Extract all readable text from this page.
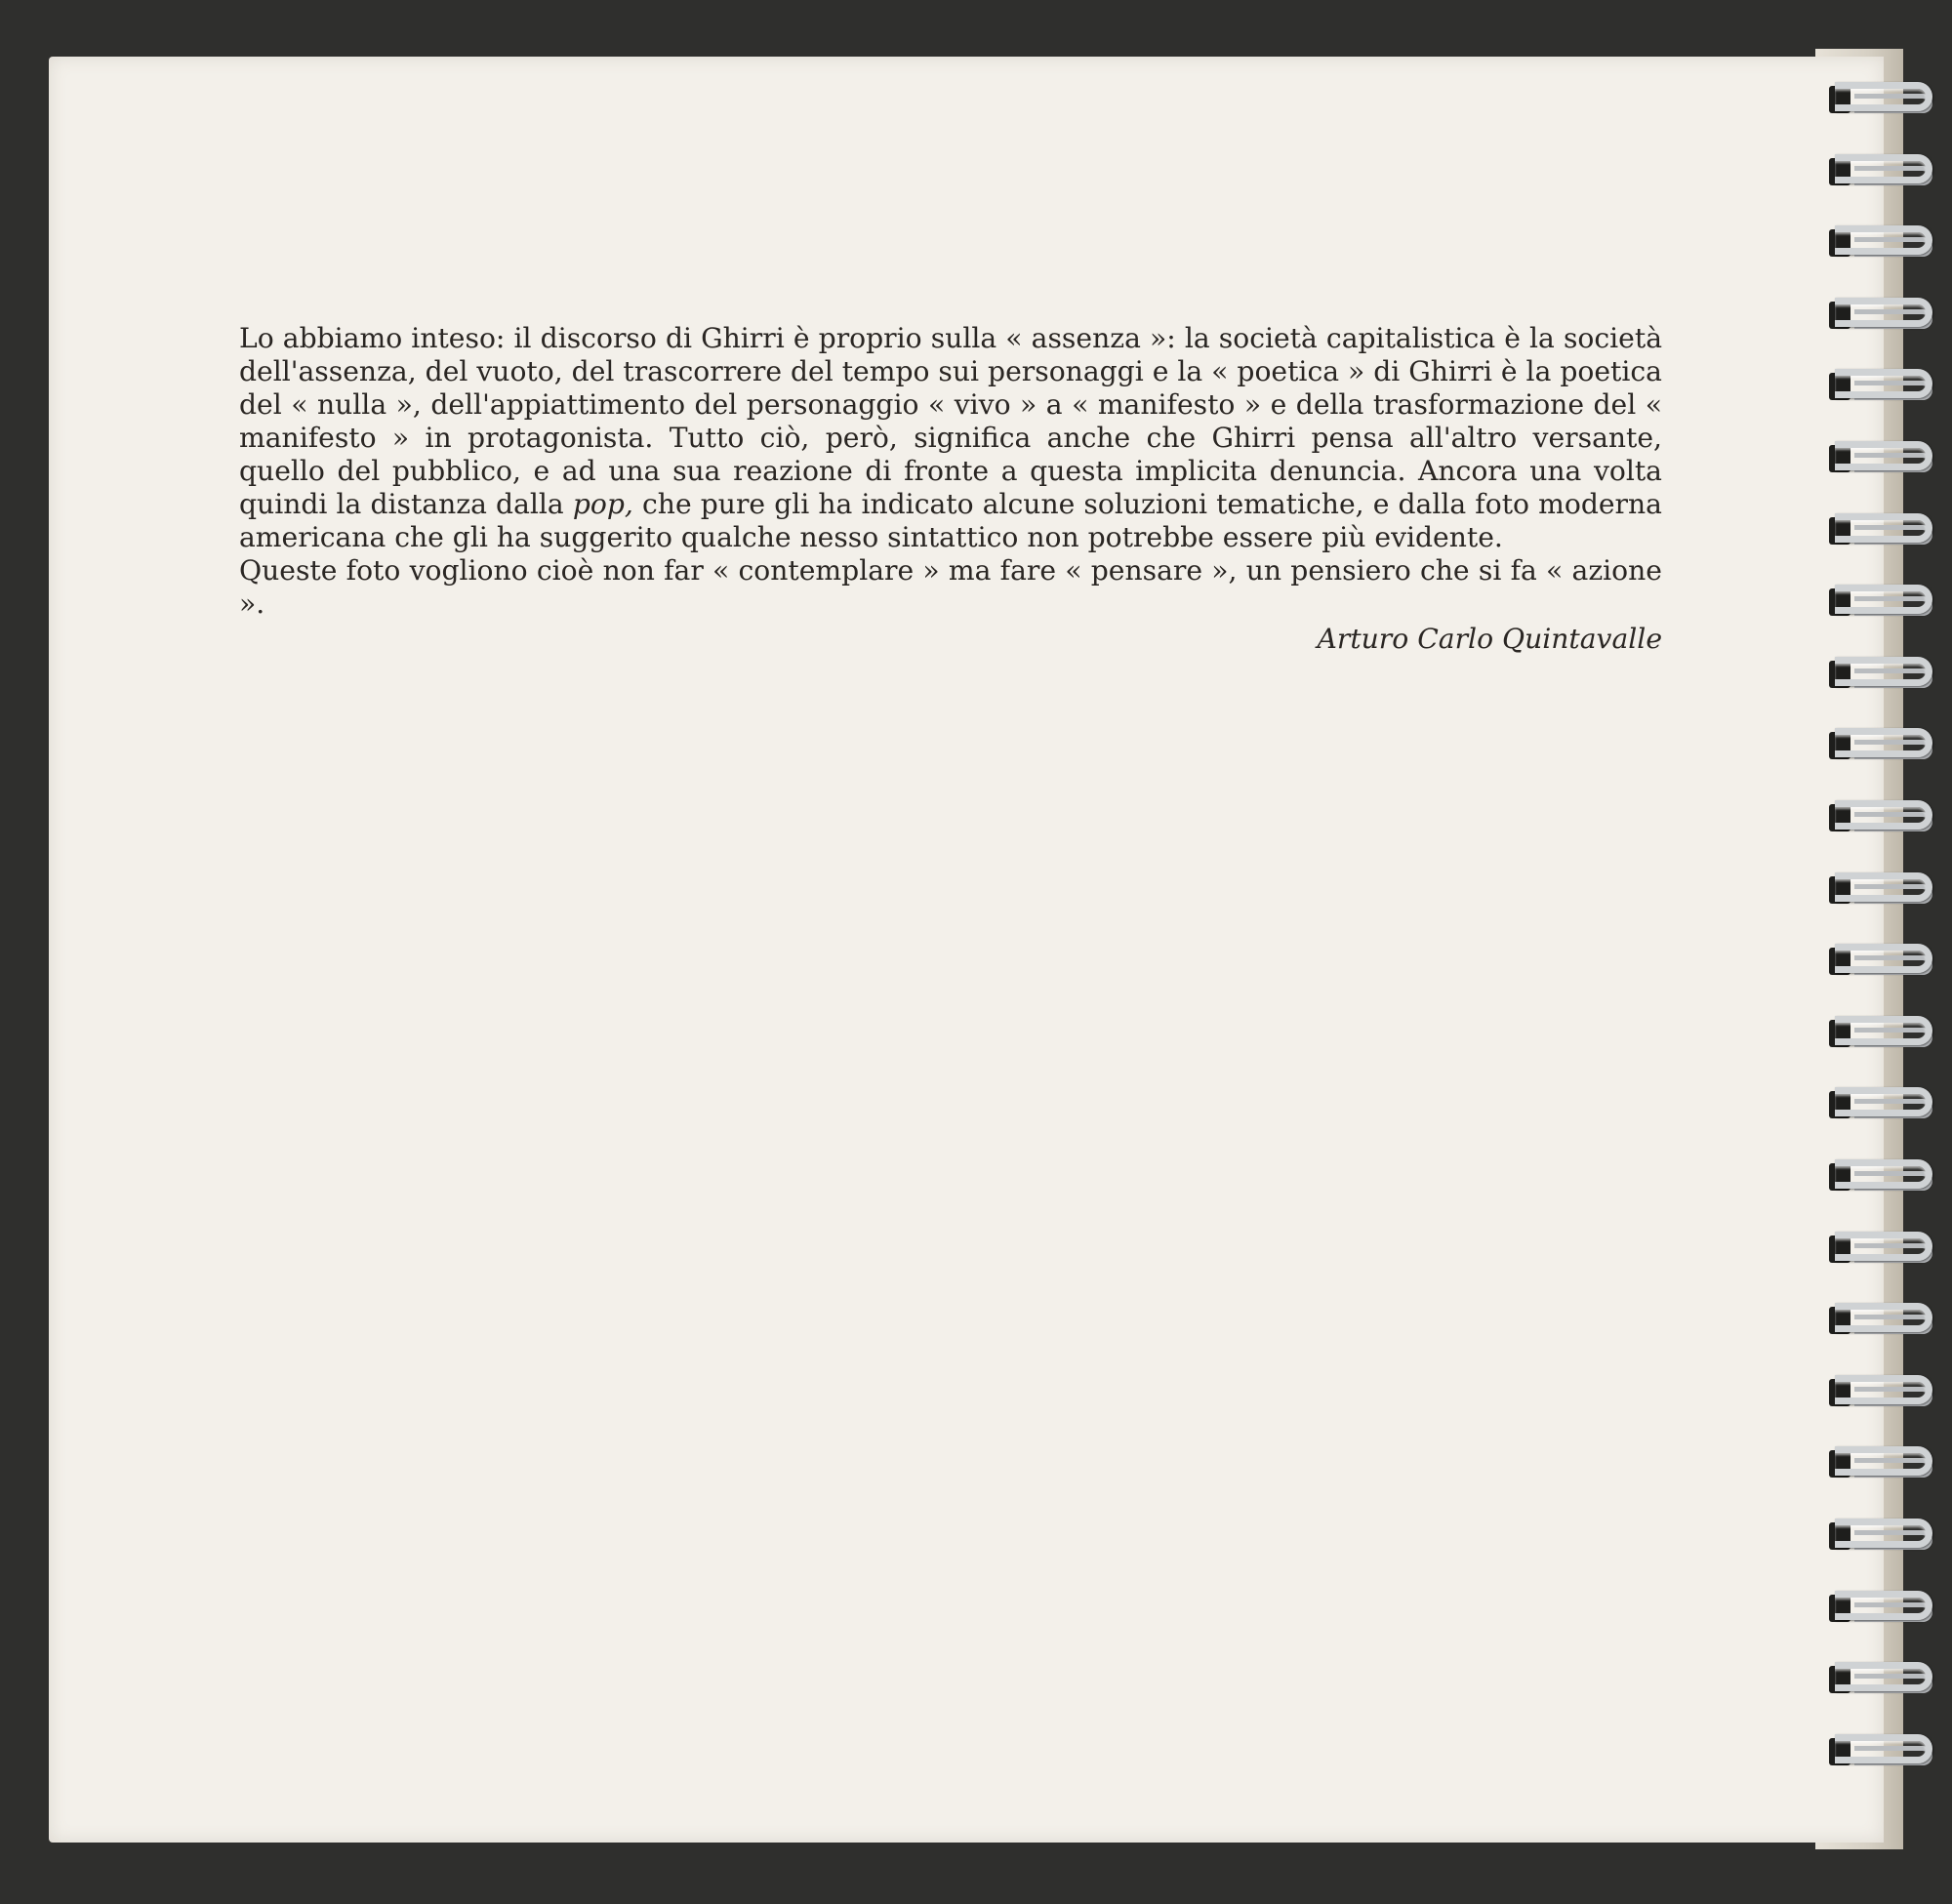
Lo abbiamo inteso: il discorso di Ghirri è proprio sulla « assenza »: la società capitalistica è la società dell'assenza, del vuoto, del trascorrere del tempo sui personaggi e la « poetica » di Ghirri è la poetica del « nulla », dell'appiattimento del personaggio « vivo » a « manifesto » e della trasformazione del « manifesto » in protagonista. Tutto ciò, però, significa anche che Ghirri pensa all'altro versante, quello del pubblico, e ad una sua reazione di fronte a questa implicita denuncia. Ancora una volta quindi la distanza dalla pop, che pure gli ha indicato alcune soluzioni tematiche, e dalla foto moderna americana che gli ha suggerito qualche nesso sintattico non potrebbe essere più evidente.

Queste foto vogliono cioè non far « contemplare » ma fare « pensare », un pensiero che si fa « azione ».

Arturo Carlo Quintavalle
